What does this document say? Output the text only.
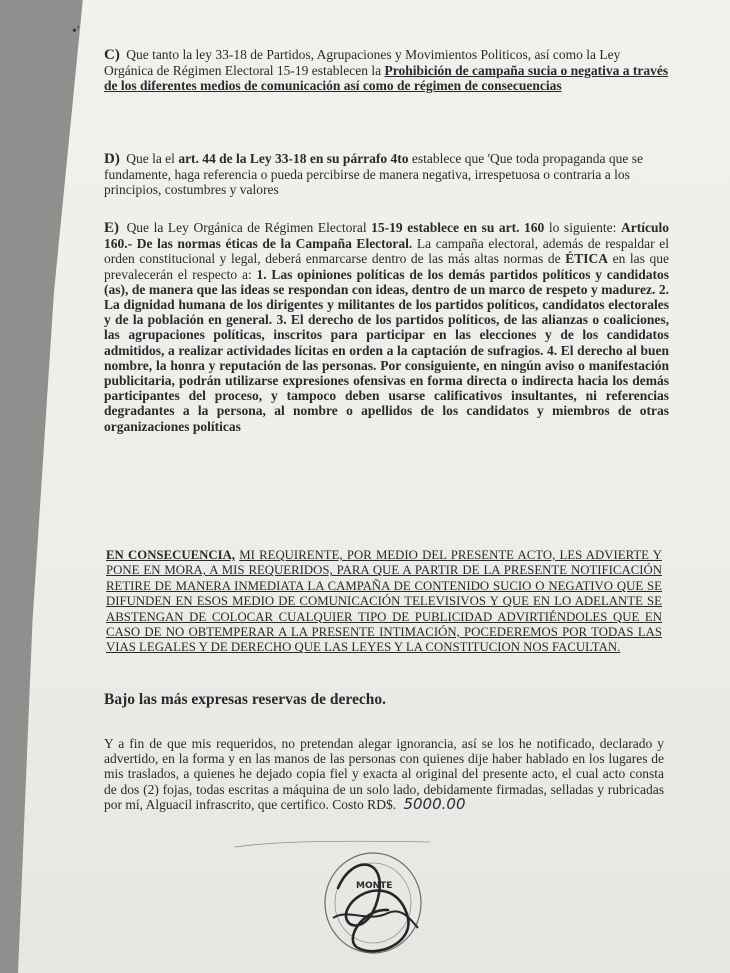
•'
C) Que tanto la ley 33-18 de Partidos, Agrupaciones y Movimientos Politicos, así como la Ley Orgánica de Régimen Electoral 15-19 establecen la Prohibición de campaña sucia o negativa a través de los diferentes medios de comunicación así como de régimen de consecuencias
D) Que la el art. 44 de la Ley 33-18 en su párrafo 4to establece que 'Que toda propaganda que se fundamente, haga referencia o pueda percibirse de manera negativa, irrespetuosa o contraria a los principios, costumbres y valores
E) Que la Ley Orgánica de Régimen Electoral 15-19 establece en su art. 160 lo siguiente: Artículo 160.- De las normas éticas de la Campaña Electoral. La campaña electoral, además de respaldar el orden constitucional y legal, deberá enmarcarse dentro de las más altas normas de ÉTICA en las que prevalecerán el respecto a: 1. Las opiniones políticas de los demás partidos políticos y candidatos (as), de manera que las ideas se respondan con ideas, dentro de un marco de respeto y madurez. 2. La dignidad humana de los dirigentes y militantes de los partidos políticos, candidatos electorales y de la población en general. 3. El derecho de los partidos políticos, de las alianzas o coaliciones, las agrupaciones políticas, inscritos para participar en las elecciones y de los candidatos admitidos, a realizar actividades lícitas en orden a la captación de sufragios. 4. El derecho al buen nombre, la honra y reputación de las personas. Por consiguiente, en ningún aviso o manifestación publicitaria, podrán utilizarse expresiones ofensivas en forma directa o indirecta hacia los demás participantes del proceso, y tampoco deben usarse calificativos insultantes, ni referencias degradantes a la persona, al nombre o apellidos de los candidatos y miembros de otras organizaciones políticas
EN CONSECUENCIA, MI REQUIRENTE, POR MEDIO DEL PRESENTE ACTO, LES ADVIERTE Y PONE EN MORA, A MIS REQUERIDOS, PARA QUE A PARTIR DE LA PRESENTE NOTIFICACIÓN RETIRE DE MANERA INMEDIATA LA CAMPAÑA DE CONTENIDO SUCIO O NEGATIVO QUE SE DIFUNDEN EN ESOS MEDIO DE COMUNICACIÓN TELEVISIVOS Y QUE EN LO ADELANTE SE ABSTENGAN DE COLOCAR CUALQUIER TIPO DE PUBLICIDAD ADVIRTIÉNDOLES QUE EN CASO DE NO OBTEMPERAR A LA PRESENTE INTIMACIÓN, POCEDEREMOS POR TODAS LAS VIAS LEGALES Y DE DERECHO QUE LAS LEYES Y LA CONSTITUCION NOS FACULTAN.
Bajo las más expresas reservas de derecho.
Y a fin de que mis requeridos, no pretendan alegar ignorancia, así se los he notificado, declarado y advertido, en la forma y en las manos de las personas con quienes dije haber hablado en los lugares de mis traslados, a quienes he dejado copia fiel y exacta al original del presente acto, el cual acto consta de dos (2) fojas, todas escritas a máquina de un solo lado, debidamente firmadas, selladas y rubricadas por mí, Alguacil infrascrito, que certifico. Costo RD$. 5000.00
MONTE
